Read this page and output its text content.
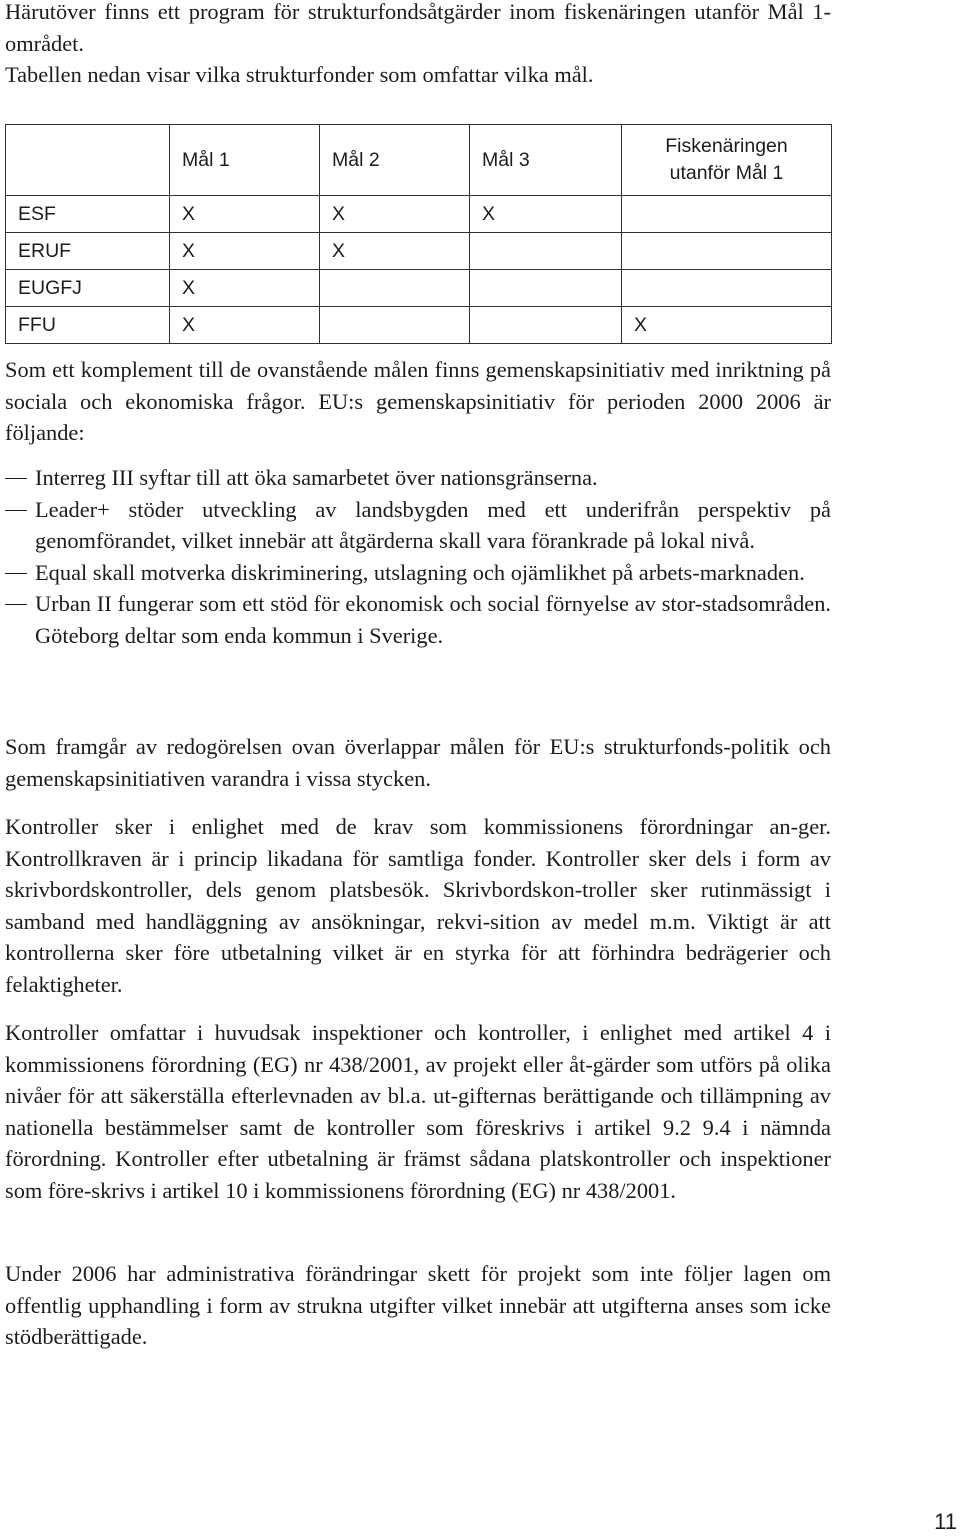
Härutöver finns ett program för strukturfondsåtgärder inom fiskenäringen utanför Mål 1-området.

Tabellen nedan visar vilka strukturfonder som omfattar vilka mål.

	Mål 1	Mål 2	Mål 3	Fiskenäringen
utanför Mål 1
ESF	X	X	X	
ERUF	X	X		
EUGFJ	X			
FFU	X			X

Som ett komplement till de ovanstående målen finns gemenskapsinitiativ med inriktning på sociala och ekonomiska frågor. EU:s gemenskapsinitiativ för perioden 2000 2006 är följande:

Interreg III syftar till att öka samarbetet över nationsgränserna.
Leader+ stöder utveckling av landsbygden med ett underifrån perspektiv på genomförandet, vilket innebär att åtgärderna skall vara förankrade på lokal nivå.
Equal skall motverka diskriminering, utslagning och ojämlikhet på arbets-marknaden.
Urban II fungerar som ett stöd för ekonomisk och social förnyelse av stor-stadsområden. Göteborg deltar som enda kommun i Sverige.

Som framgår av redogörelsen ovan överlappar målen för EU:s strukturfonds-politik och gemenskapsinitiativen varandra i vissa stycken.

Kontroller sker i enlighet med de krav som kommissionens förordningar an-ger. Kontrollkraven är i princip likadana för samtliga fonder. Kontroller sker dels i form av skrivbordskontroller, dels genom platsbesök. Skrivbordskon-troller sker rutinmässigt i samband med handläggning av ansökningar, rekvi-sition av medel m.m. Viktigt är att kontrollerna sker före utbetalning vilket är en styrka för att förhindra bedrägerier och felaktigheter.

Kontroller omfattar i huvudsak inspektioner och kontroller, i enlighet med artikel 4 i kommissionens förordning (EG) nr 438/2001, av projekt eller åt-gärder som utförs på olika nivåer för att säkerställa efterlevnaden av bl.a. ut-gifternas berättigande och tillämpning av nationella bestämmelser samt de kontroller som föreskrivs i artikel 9.2 9.4 i nämnda förordning. Kontroller efter utbetalning är främst sådana platskontroller och inspektioner som före-skrivs i artikel 10 i kommissionens förordning (EG) nr 438/2001.

Under 2006 har administrativa förändringar skett för projekt som inte följer lagen om offentlig upphandling i form av strukna utgifter vilket innebär att utgifterna anses som icke stödberättigade.

11
